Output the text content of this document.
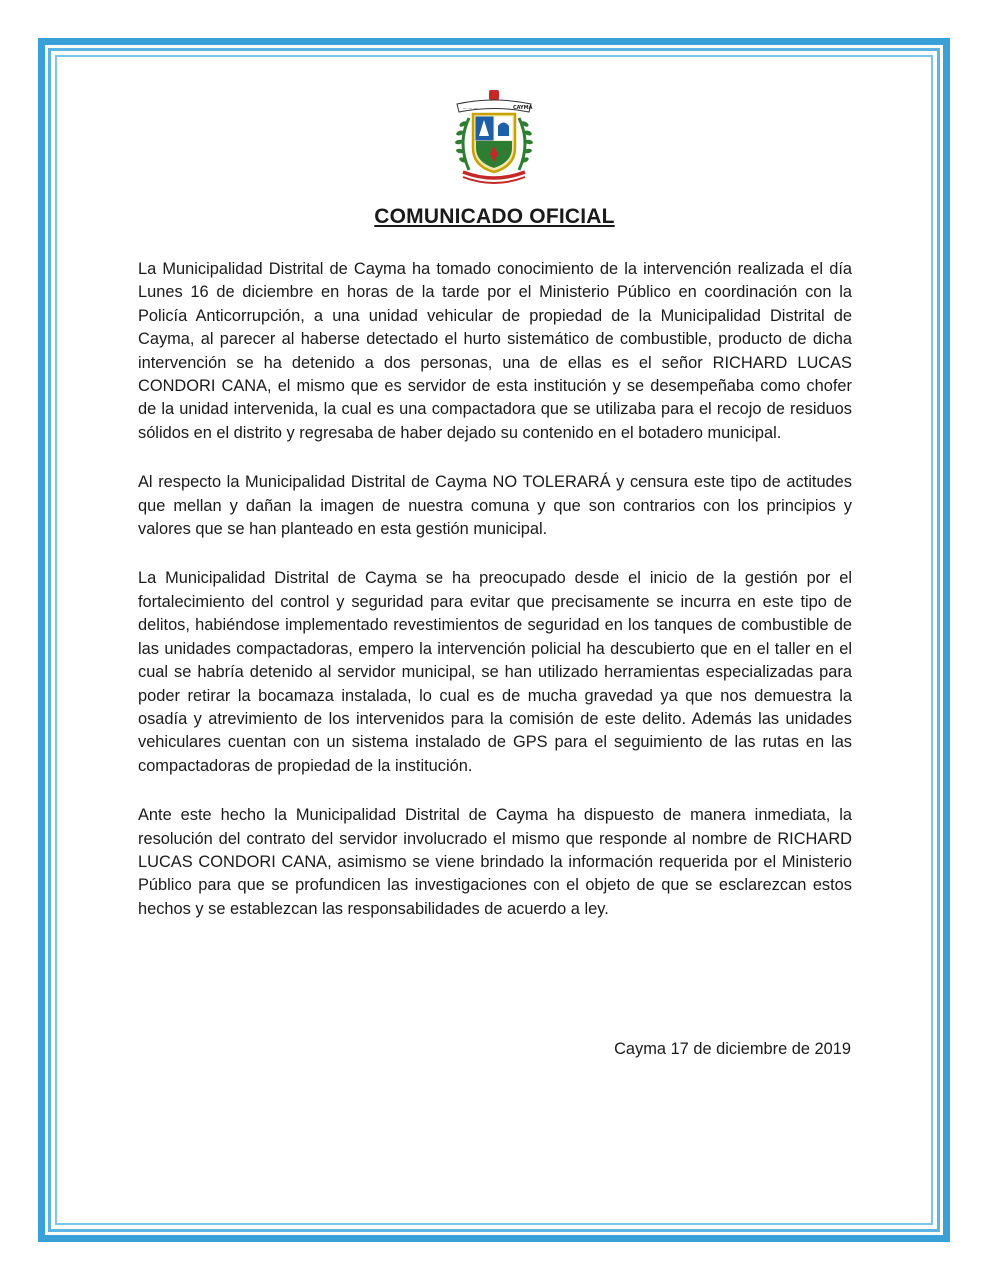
CAYMA
— — —
COMUNICADO OFICIAL

La Municipalidad Distrital de Cayma ha tomado conocimiento de la intervención realizada el día Lunes 16 de diciembre en horas de la tarde por el Ministerio Público en coordinación con la Policía Anticorrupción, a una unidad vehicular de propiedad de la Municipalidad Distrital de Cayma, al parecer al haberse detectado el hurto sistemático de combustible, producto de dicha intervención se ha detenido a dos personas, una de ellas es el señor RICHARD LUCAS CONDORI CANA, el mismo que es servidor de esta institución y se desempeñaba como chofer de la unidad intervenida, la cual es una compactadora que se utilizaba para el recojo de residuos sólidos en el distrito y regresaba de haber dejado su contenido en el botadero municipal.

Al respecto la Municipalidad Distrital de Cayma NO TOLERARÁ y censura este tipo de actitudes que mellan y dañan la imagen de nuestra comuna y que son contrarios con los principios y valores que se han planteado en esta gestión municipal.

La Municipalidad Distrital de Cayma se ha preocupado desde el inicio de la gestión por el fortalecimiento del control y seguridad para evitar que precisamente se incurra en este tipo de delitos, habiéndose implementado revestimientos de seguridad en los tanques de combustible de las unidades compactadoras, empero la intervención policial ha descubierto que en el taller en el cual se habría detenido al servidor municipal, se han utilizado herramientas especializadas para poder retirar la bocamaza instalada, lo cual es de mucha gravedad ya que nos demuestra la osadía y atrevimiento de los intervenidos para la comisión de este delito. Además las unidades vehiculares cuentan con un sistema instalado de GPS para el seguimiento de las rutas en las compactadoras de propiedad de la institución.

Ante este hecho la Municipalidad Distrital de Cayma ha dispuesto de manera inmediata, la resolución del contrato del servidor involucrado el mismo que responde al nombre de RICHARD LUCAS CONDORI CANA, asimismo se viene brindado la información requerida por el Ministerio Público para que se profundicen las investigaciones con el objeto de que se esclarezcan estos hechos y se establezcan las responsabilidades de acuerdo a ley.

Cayma 17 de diciembre de 2019
